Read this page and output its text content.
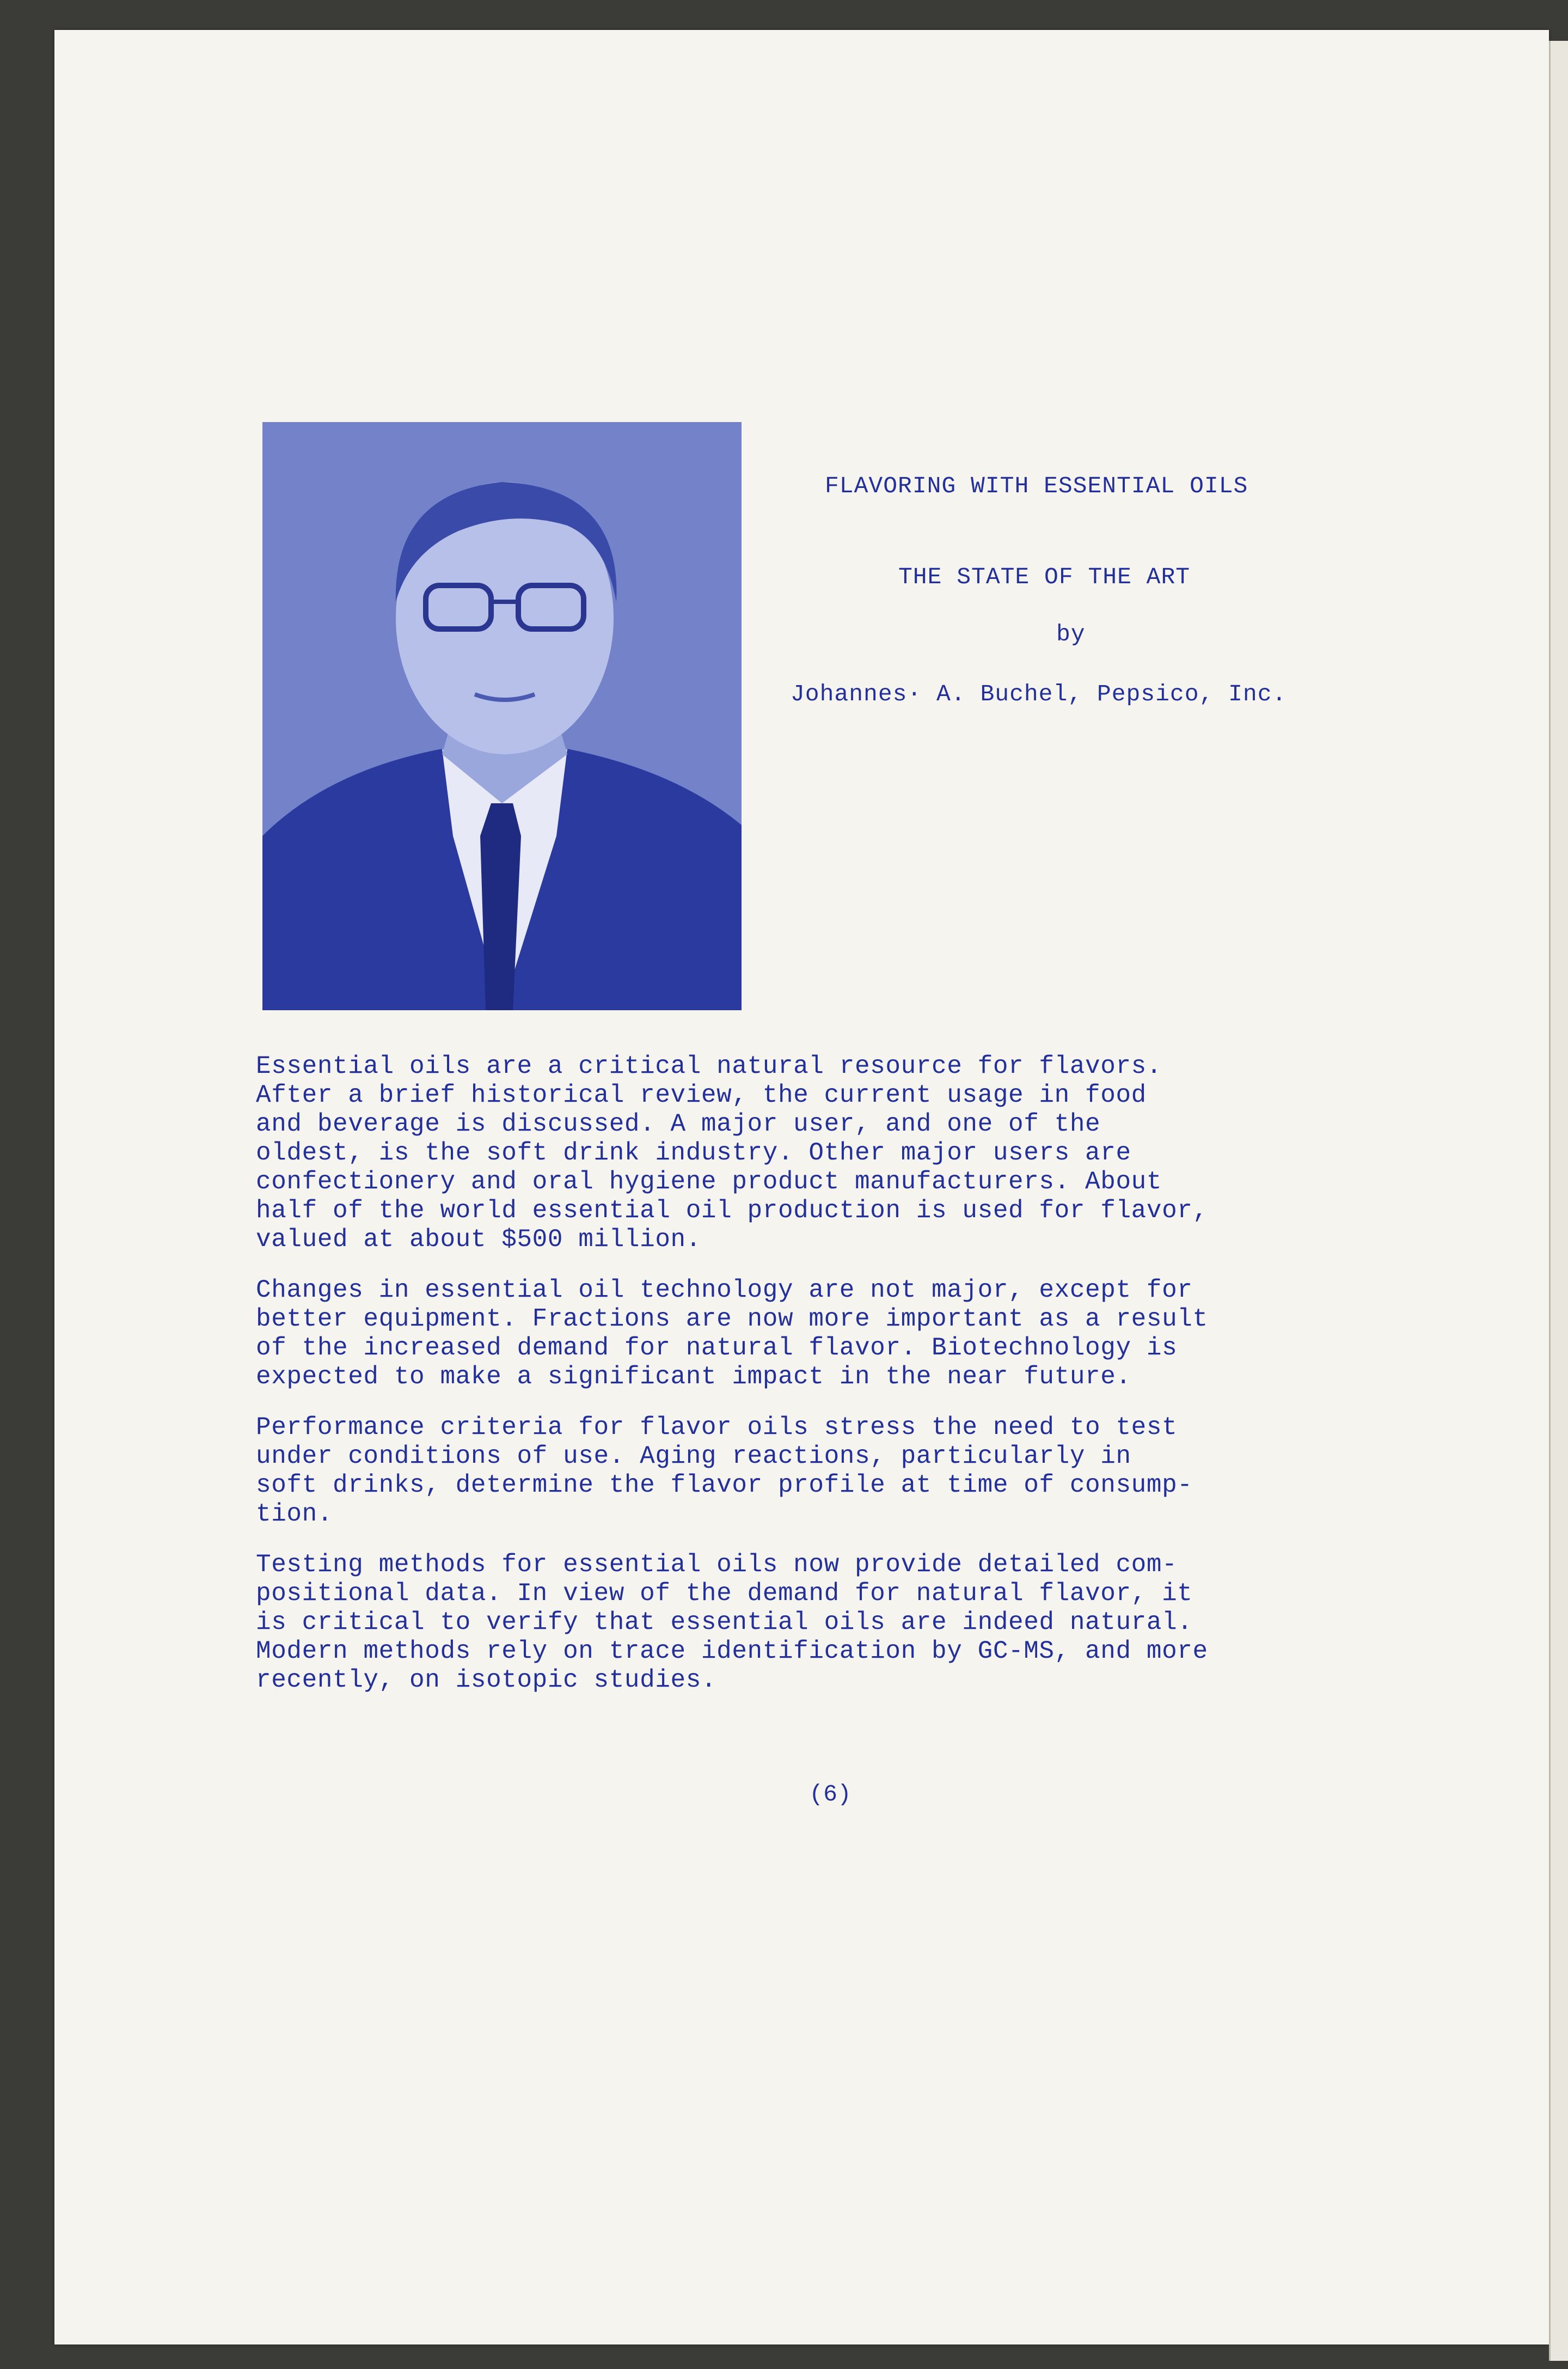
FLAVORING WITH ESSENTIAL OILS
THE STATE OF THE ART
by
Johannes· A. Buchel, Pepsico, Inc.

Essential oils are a critical natural resource for flavors.
After a brief historical review, the current usage in food
and beverage is discussed. A major user, and one of the
oldest, is the soft drink industry. Other major users are
confectionery and oral hygiene product manufacturers. About
half of the world essential oil production is used for flavor,
valued at about $500 million.

Changes in essential oil technology are not major, except for
better equipment. Fractions are now more important as a result
of the increased demand for natural flavor. Biotechnology is
expected to make a significant impact in the near future.

Performance criteria for flavor oils stress the need to test
under conditions of use. Aging reactions, particularly in
soft drinks, determine the flavor profile at time of consump-
tion.

Testing methods for essential oils now provide detailed com-
positional data. In view of the demand for natural flavor, it
is critical to verify that essential oils are indeed natural.
Modern methods rely on trace identification by GC-MS, and more
recently, on isotopic studies.

(6)
